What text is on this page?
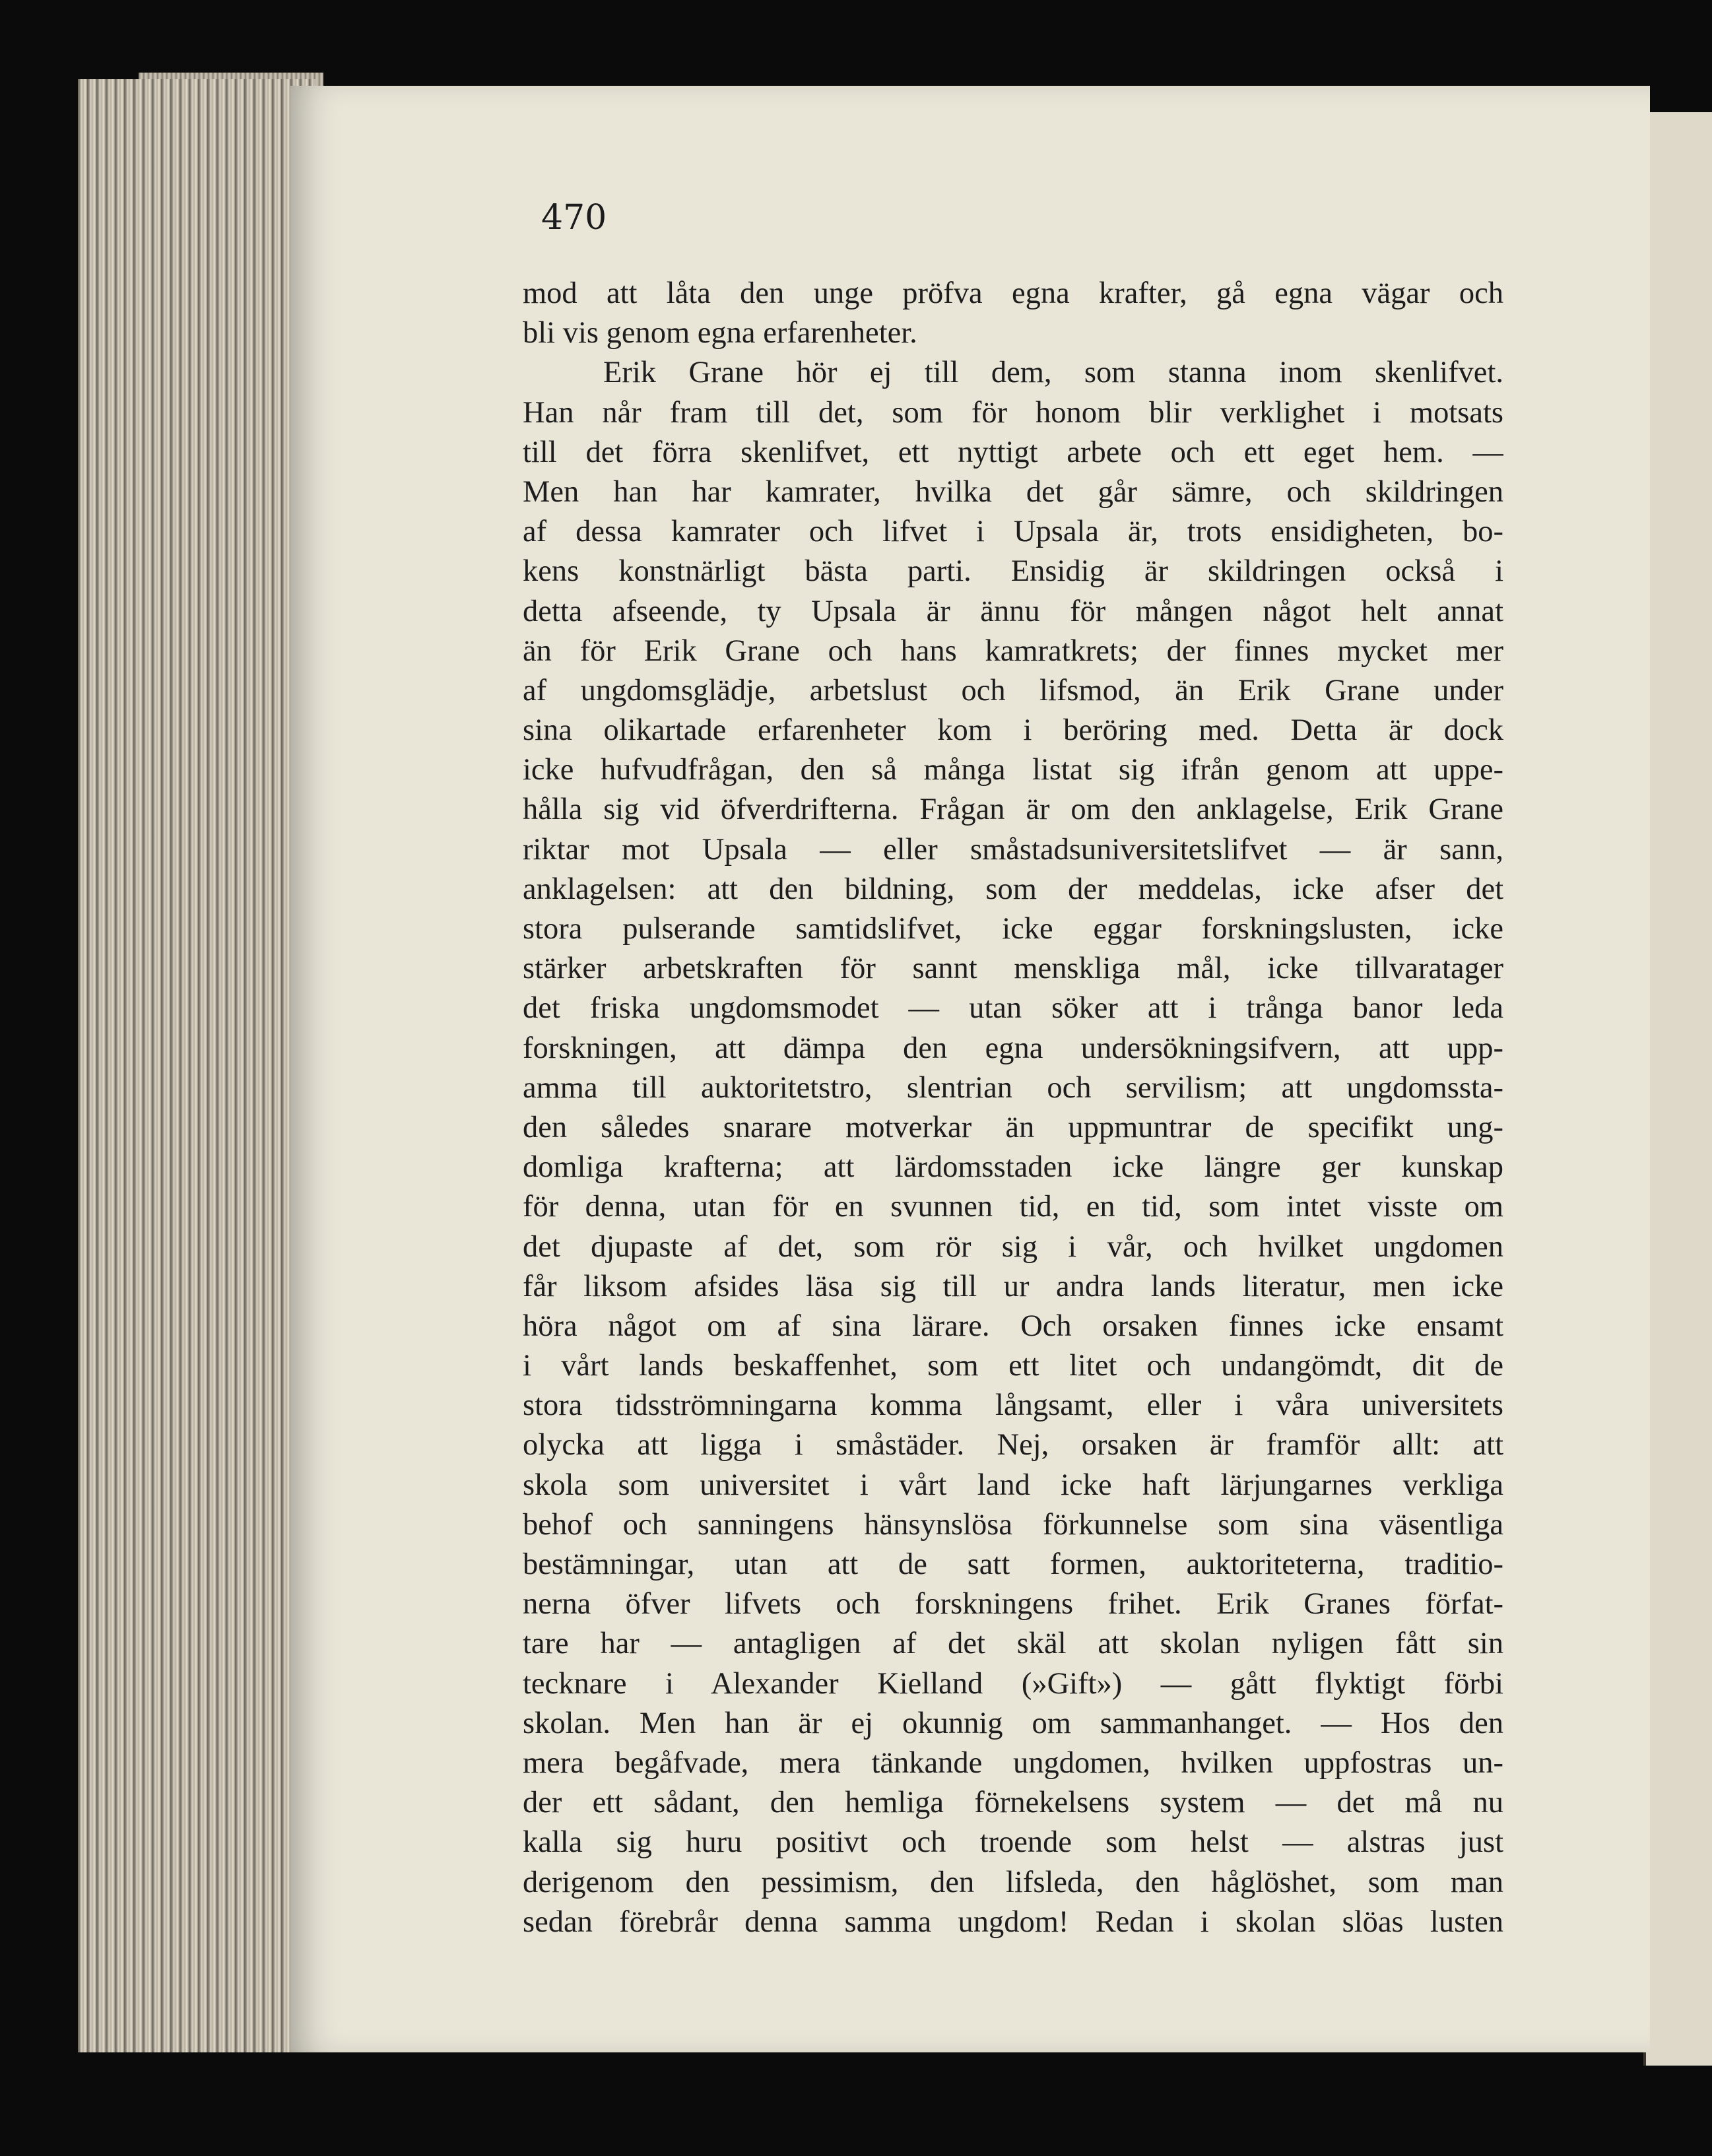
470
mod att låta den unge pröfva egna krafter, gå egna vägar och
bli vis genom egna erfarenheter.
Erik Grane hör ej till dem, som stanna inom skenlifvet.
Han når fram till det, som för honom blir verklighet i motsats
till det förra skenlifvet, ett nyttigt arbete och ett eget hem. —
Men han har kamrater, hvilka det går sämre, och skildringen
af dessa kamrater och lifvet i Upsala är, trots ensidigheten, bo-
kens konstnärligt bästa parti. Ensidig är skildringen också i
detta afseende, ty Upsala är ännu för mången något helt annat
än för Erik Grane och hans kamratkrets; der finnes mycket mer
af ungdomsglädje, arbetslust och lifsmod, än Erik Grane under
sina olikartade erfarenheter kom i beröring med. Detta är dock
icke hufvudfrågan, den så många listat sig ifrån genom att uppe-
hålla sig vid öfverdrifterna. Frågan är om den anklagelse, Erik Grane
riktar mot Upsala — eller småstadsuniversitetslifvet — är sann,
anklagelsen: att den bildning, som der meddelas, icke afser det
stora pulserande samtidslifvet, icke eggar forskningslusten, icke
stärker arbetskraften för sannt menskliga mål, icke tillvaratager
det friska ungdomsmodet — utan söker att i trånga banor leda
forskningen, att dämpa den egna undersökningsifvern, att upp-
amma till auktoritetstro, slentrian och servilism; att ungdomssta-
den således snarare motverkar än uppmuntrar de specifikt ung-
domliga krafterna; att lärdomsstaden icke längre ger kunskap
för denna, utan för en svunnen tid, en tid, som intet visste om
det djupaste af det, som rör sig i vår, och hvilket ungdomen
får liksom afsides läsa sig till ur andra lands literatur, men icke
höra något om af sina lärare. Och orsaken finnes icke ensamt
i vårt lands beskaffenhet, som ett litet och undangömdt, dit de
stora tidsströmningarna komma långsamt, eller i våra universitets
olycka att ligga i småstäder. Nej, orsaken är framför allt: att
skola som universitet i vårt land icke haft lärjungarnes verkliga
behof och sanningens hänsynslösa förkunnelse som sina väsentliga
bestämningar, utan att de satt formen, auktoriteterna, traditio-
nerna öfver lifvets och forskningens frihet. Erik Granes förfat-
tare har — antagligen af det skäl att skolan nyligen fått sin
tecknare i Alexander Kielland (»Gift») — gått flyktigt förbi
skolan. Men han är ej okunnig om sammanhanget. — Hos den
mera begåfvade, mera tänkande ungdomen, hvilken uppfostras un-
der ett sådant, den hemliga förnekelsens system — det må nu
kalla sig huru positivt och troende som helst — alstras just
derigenom den pessimism, den lifsleda, den håglöshet, som man
sedan förebrår denna samma ungdom! Redan i skolan slöas lusten
